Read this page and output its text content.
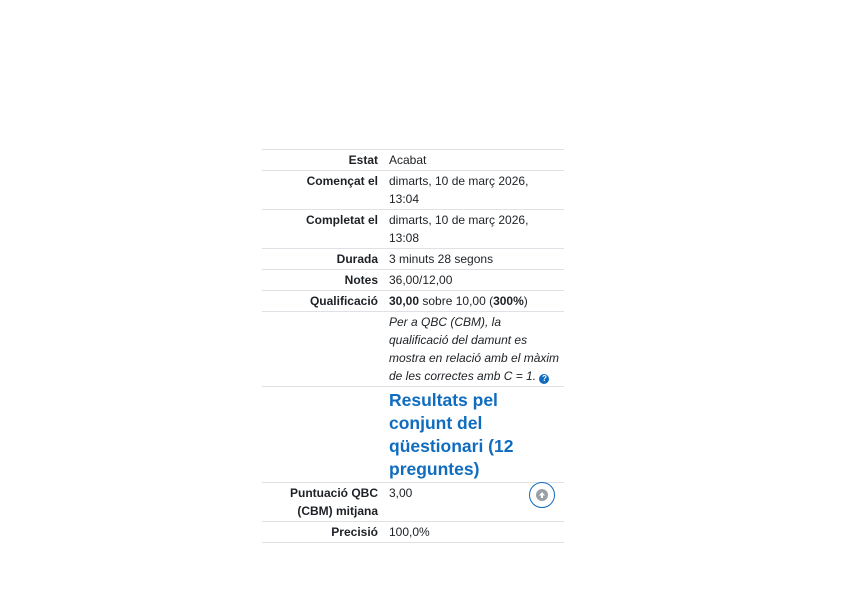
Estat	Acabat
Començat el	dimarts, 10 de març 2026, 13:04
Completat el	dimarts, 10 de març 2026, 13:08
Durada	3 minuts 28 segons
Notes	36,00/12,00
Qualificació	30,00 sobre 10,00 (300%)
	Per a QBC (CBM), la qualificació del damunt es mostra en relació amb el màxim de les correctes amb C = 1. ?

	Resultats pel conjunt del qüestionari (12 preguntes)

Puntuació QBC (CBM) mitjana	3,00
Precisió	100,0%
